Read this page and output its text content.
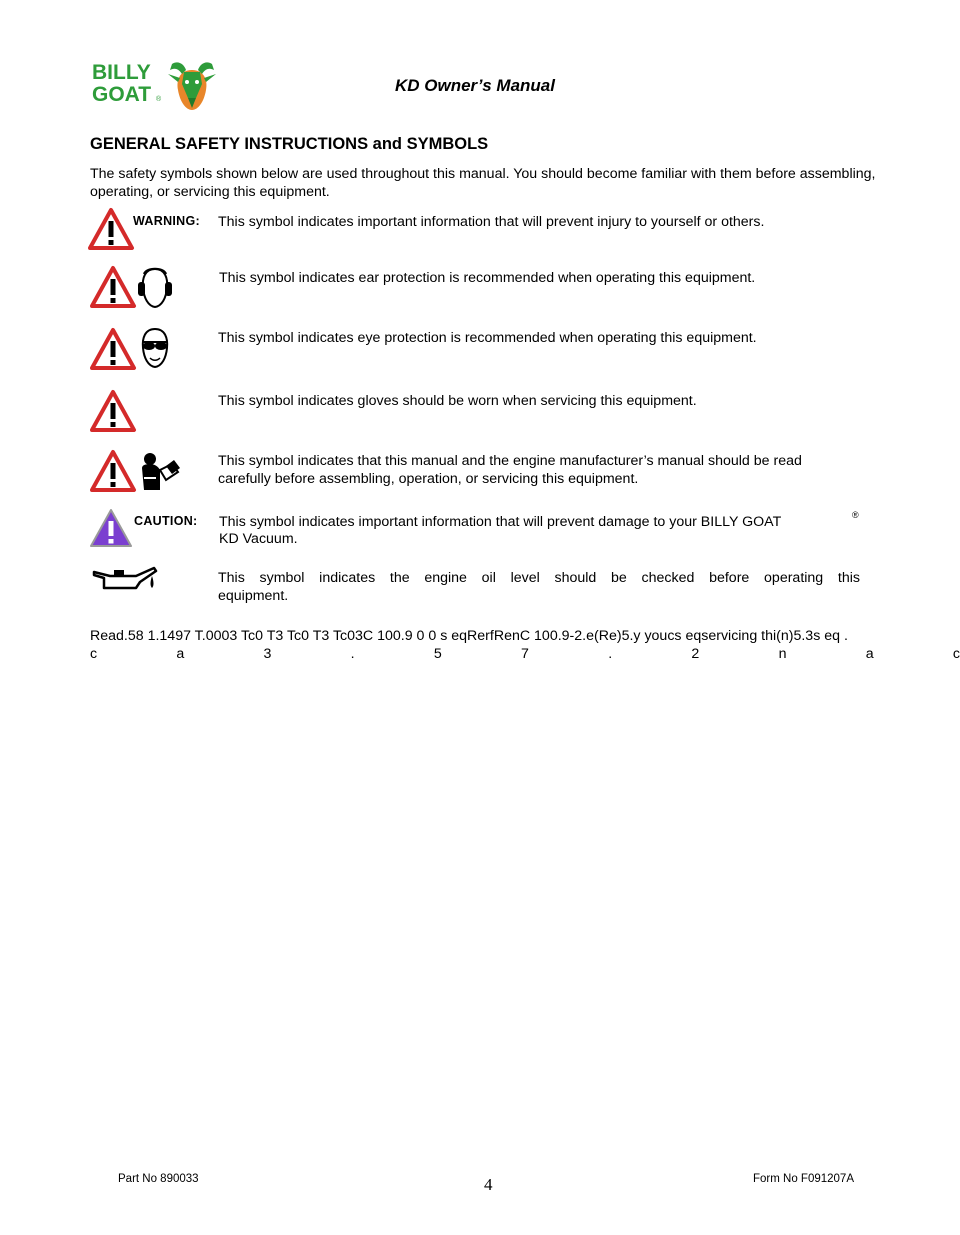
BILLY
GOAT ®
KD Owner’s Manual
GENERAL SAFETY INSTRUCTIONS and SYMBOLS
The safety symbols shown below are used throughout this manual. You should become familiar with them before assembling, operating, or servicing this equipment.
WARNING: This symbol indicates important information that will prevent injury to yourself or others.
This symbol indicates ear protection is recommended when operating this equipment.
This symbol indicates eye protection is recommended when operating this equipment.
This symbol indicates gloves should be worn when servicing this equipment.
This symbol indicates that this manual and the engine manufacturer’s manual should be read
carefully before assembling, operation, or servicing this equipment.
CAUTION: This symbol indicates important information that will prevent damage to your BILLY GOAT	®
KD Vacuum.
This symbol indicates the engine oil level should be checked before operating this
equipment.
Read.58 1.1497 T.0003 Tc0 T3 Tc0 T3 Tc03C 100.9 0 0 s eqRerfRenC 100.9-2.e(Re)5.y youcs eqservicing thi(n)5.3s eq .
c	a	3	.	5	7	.	2	n	a	c
Part No 890033	4	Form No F091207A
